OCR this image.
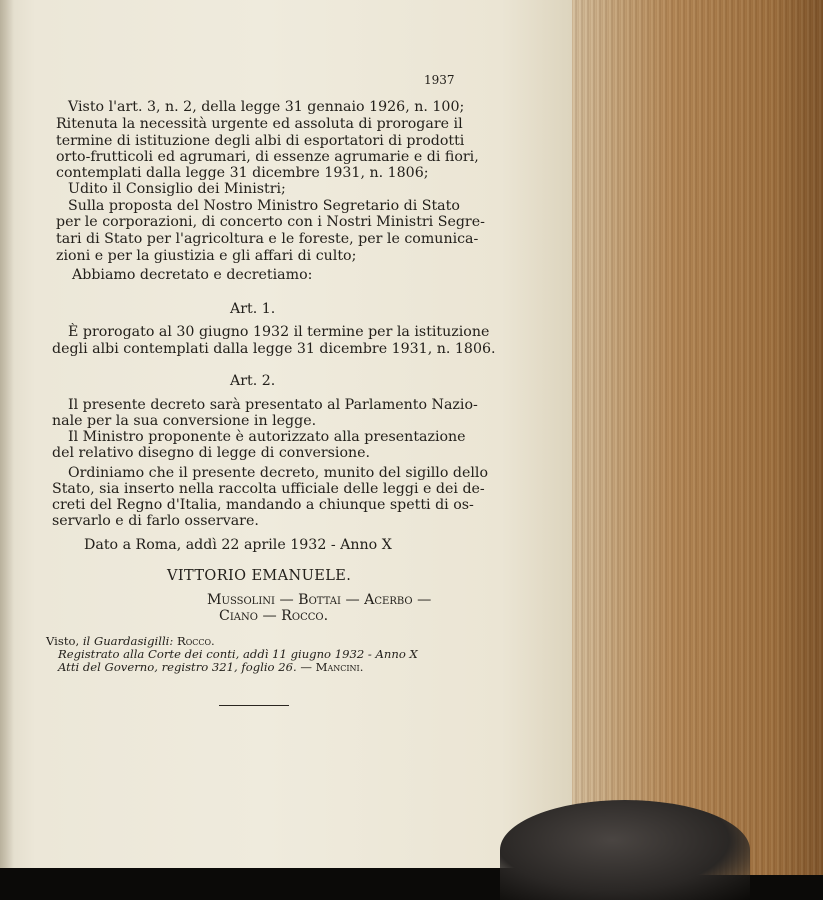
1937

Visto l'art. 3, n. 2, della legge 31 gennaio 1926, n. 100;

Ritenuta la necessità urgente ed assoluta di prorogare il

termine di istituzione degli albi di esportatori di prodotti

orto-frutticoli ed agrumari, di essenze agrumarie e di fiori,

contemplati dalla legge 31 dicembre 1931, n. 1806;

Udito il Consiglio dei Ministri;

Sulla proposta del Nostro Ministro Segretario di Stato

per le corporazioni, di concerto con i Nostri Ministri Segre-

tari di Stato per l'agricoltura e le foreste, per le comunica-

zioni e per la giustizia e gli affari di culto;

Abbiamo decretato e decretiamo:

Art. 1.

È prorogato al 30 giugno 1932 il termine per la istituzione

degli albi contemplati dalla legge 31 dicembre 1931, n. 1806.

Art. 2.

Il presente decreto sarà presentato al Parlamento Nazio-

nale per la sua conversione in legge.

Il Ministro proponente è autorizzato alla presentazione

del relativo disegno di legge di conversione.

Ordiniamo che il presente decreto, munito del sigillo dello

Stato, sia inserto nella raccolta ufficiale delle leggi e dei de-

creti del Regno d'Italia, mandando a chiunque spetti di os-

servarlo e di farlo osservare.

Dato a Roma, addì 22 aprile 1932 - Anno X

VITTORIO EMANUELE.

Mussolini — Bottai — Acerbo —

Ciano — Rocco.

Visto, il Guardasigilli: Rocco.

Registrato alla Corte dei conti, addì 11 giugno 1932 - Anno X

Atti del Governo, registro 321, foglio 26. — Mancini.
